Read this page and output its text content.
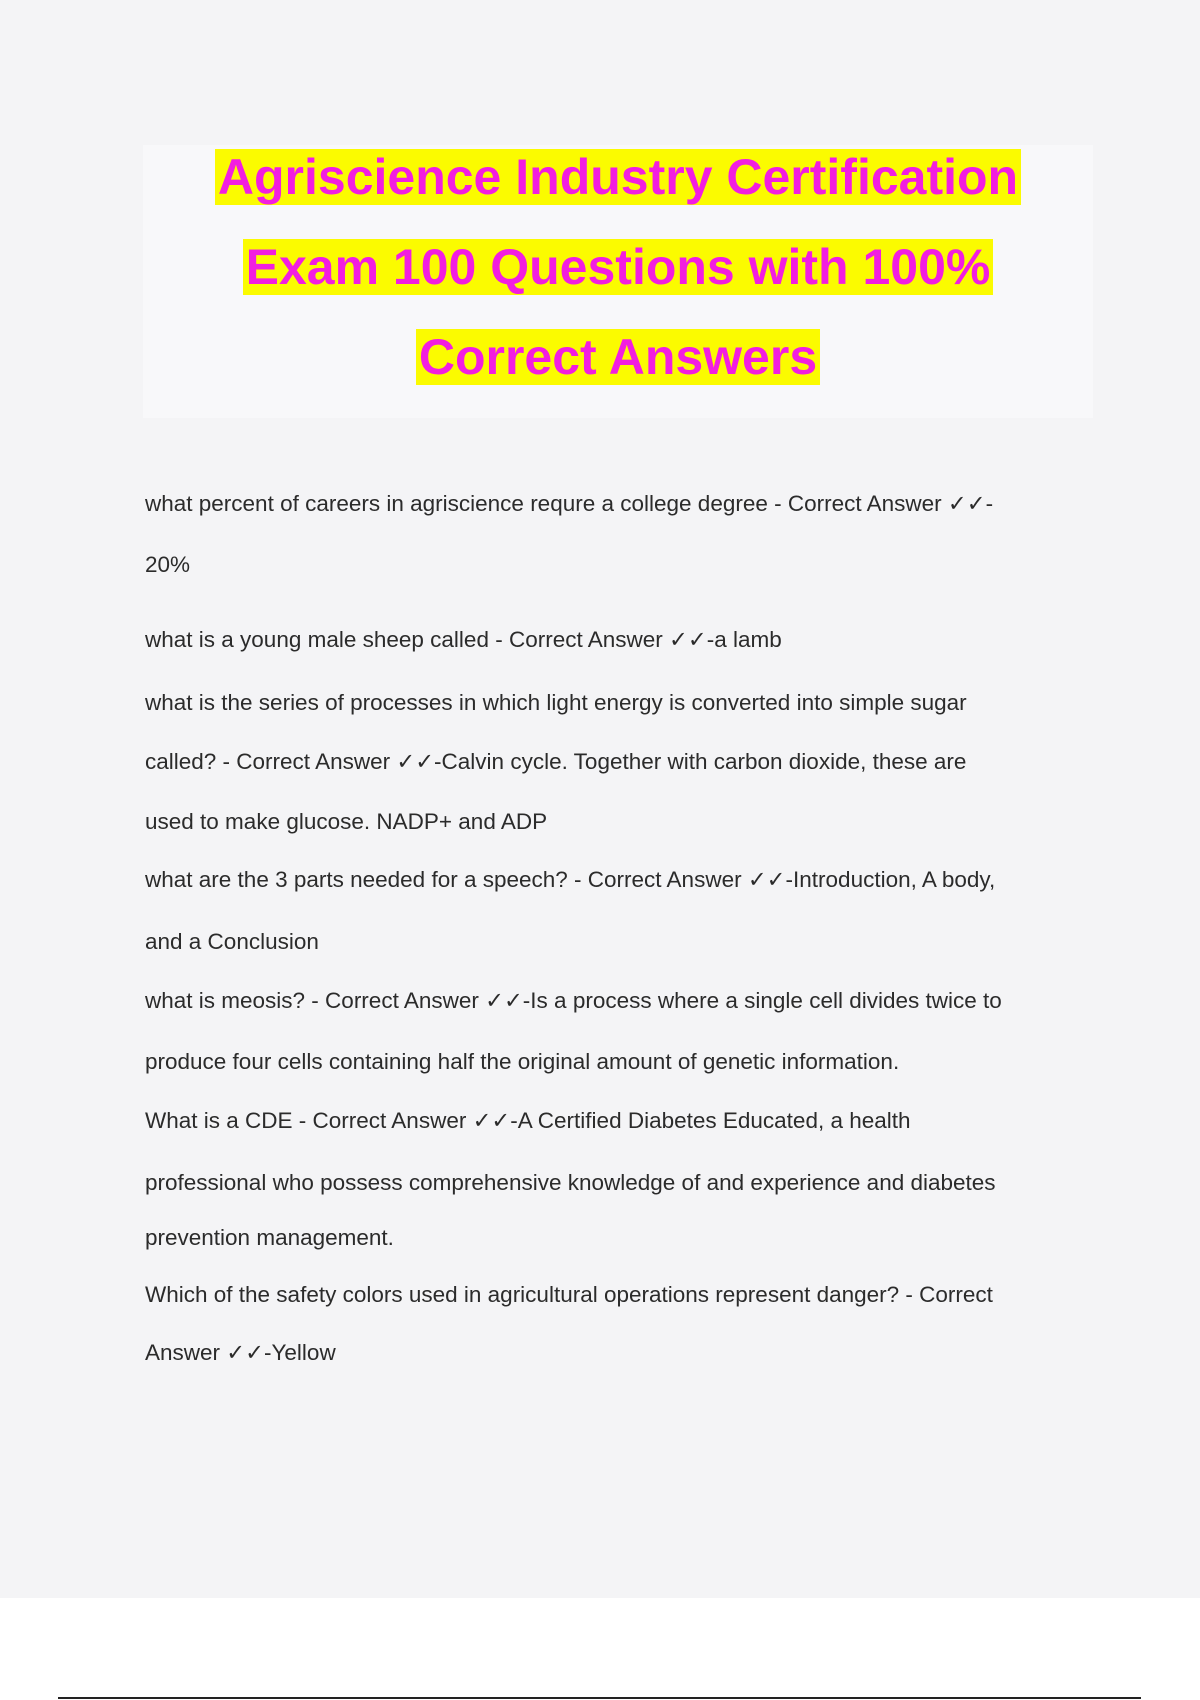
Agriscience Industry Certification
Exam 100 Questions with 100%
Correct Answers
what percent of careers in agriscience requre a college degree - Correct Answer ✓✓-
20%
what is a young male sheep called - Correct Answer ✓✓-a lamb
what is the series of processes in which light energy is converted into simple sugar
called? - Correct Answer ✓✓-Calvin cycle. Together with carbon dioxide, these are
used to make glucose. NADP+ and ADP
what are the 3 parts needed for a speech? - Correct Answer ✓✓-Introduction, A body,
and a Conclusion
what is meosis? - Correct Answer ✓✓-Is a process where a single cell divides twice to
produce four cells containing half the original amount of genetic information.
What is a CDE - Correct Answer ✓✓-A Certified Diabetes Educated, a health
professional who possess comprehensive knowledge of and experience and diabetes
prevention management.
Which of the safety colors used in agricultural operations represent danger? - Correct
Answer ✓✓-Yellow
